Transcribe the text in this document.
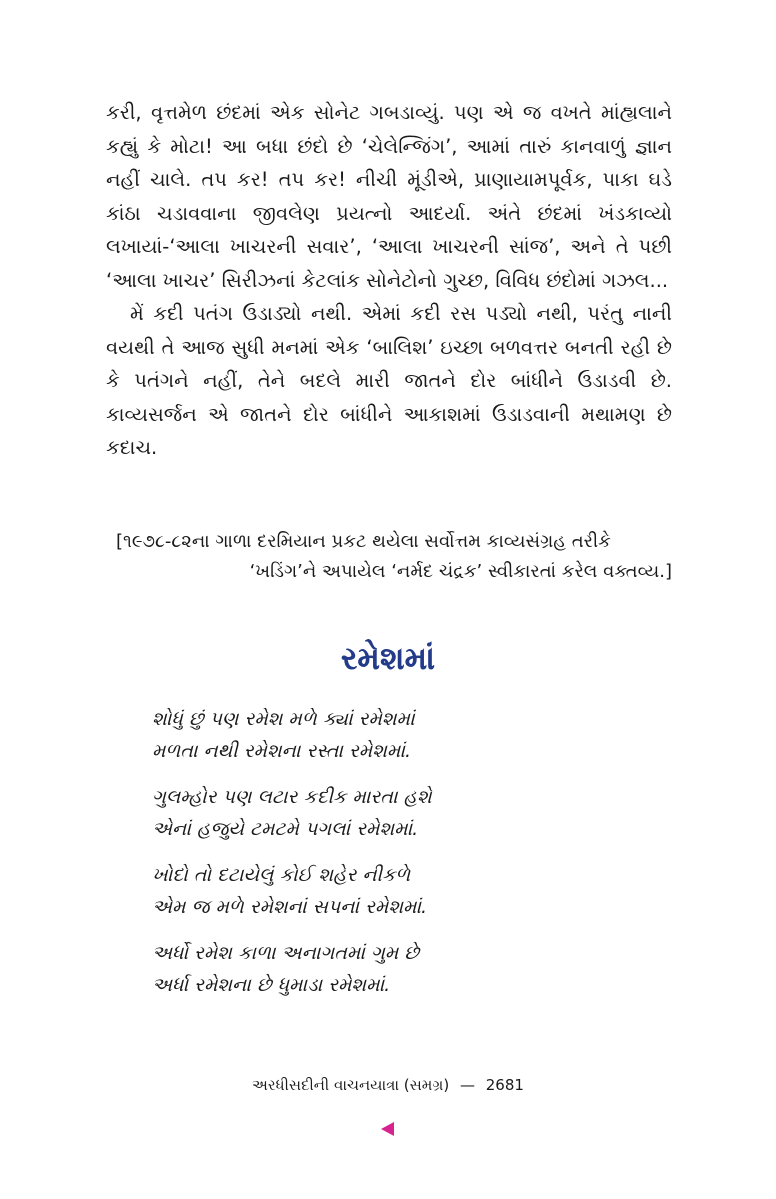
કરી, વૃત્તમેળ છંદમાં એક સોનેટ ગબડાવ્યું. પણ એ જ વખતે માંહ્યલાને કહ્યું કે મોટા! આ બધા છંદો છે ‘ચેલેન્જિંગ’, આમાં તારું કાનવાળું જ્ઞાન નહીં ચાલે. તપ કર! તપ કર! નીચી મૂંડીએ, પ્રાણાયામપૂર્વક, પાકા ઘડે કાંઠા ચડાવવાના જીવલેણ પ્રયત્નો આદર્યા. અંતે છંદમાં ખંડકાવ્યો લખાયાં-‘આલા ખાચરની સવાર’, ‘આલા ખાચરની સાંજ’, અને તે પછી ‘આલા ખાચર’ સિરીઝનાં કેટલાંક સોનેટોનો ગુચ્છ, વિવિધ છંદોમાં ગઝલ...

મેં કદી પતંગ ઉડાડ્યો નથી. એમાં કદી રસ પડ્યો નથી, પરંતુ નાની વયથી તે આજ સુધી મનમાં એક ‘બાલિશ’ ઇચ્છા બળવત્તર બનતી રહી છે કે પતંગને નહીં, તેને બદલે મારી જાતને દોર બાંધીને ઉડાડવી છે. કાવ્યસર્જન એ જાતને દોર બાંધીને આકાશમાં ઉડાડવાની મથામણ છે કદાચ.

[૧૯૭૮-૮૨ના ગાળા દરમિયાન પ્રકટ થયેલા સર્વોત્તમ કાવ્યસંગ્રહ તરીકે
‘ખડિંગ’ને અપાયેલ ‘નર્મદ ચંદ્રક’ સ્વીકારતાં કરેલ વક્તવ્ય.]
રમેશમાં
શોધું છું પણ રમેશ મળે ક્યાં રમેશમાં
મળતા નથી રમેશના રસ્તા રમેશમાં.
ગુલમ્હોર પણ લટાર કદીક મારતા હશે
એનાં હજુયે ટમટમે પગલાં રમેશમાં.
ખોદો તો દટાયેલું કોઈ શહેર નીકળે
એમ જ મળે રમેશનાં સપનાં રમેશમાં.
અર્ધો રમેશ કાળા અનાગતમાં ગુમ છે
અર્ધા રમેશના છે ધુમાડા રમેશમાં.
અરધીસદીની વાચનયાત્રા (સમગ્ર) — 2681
